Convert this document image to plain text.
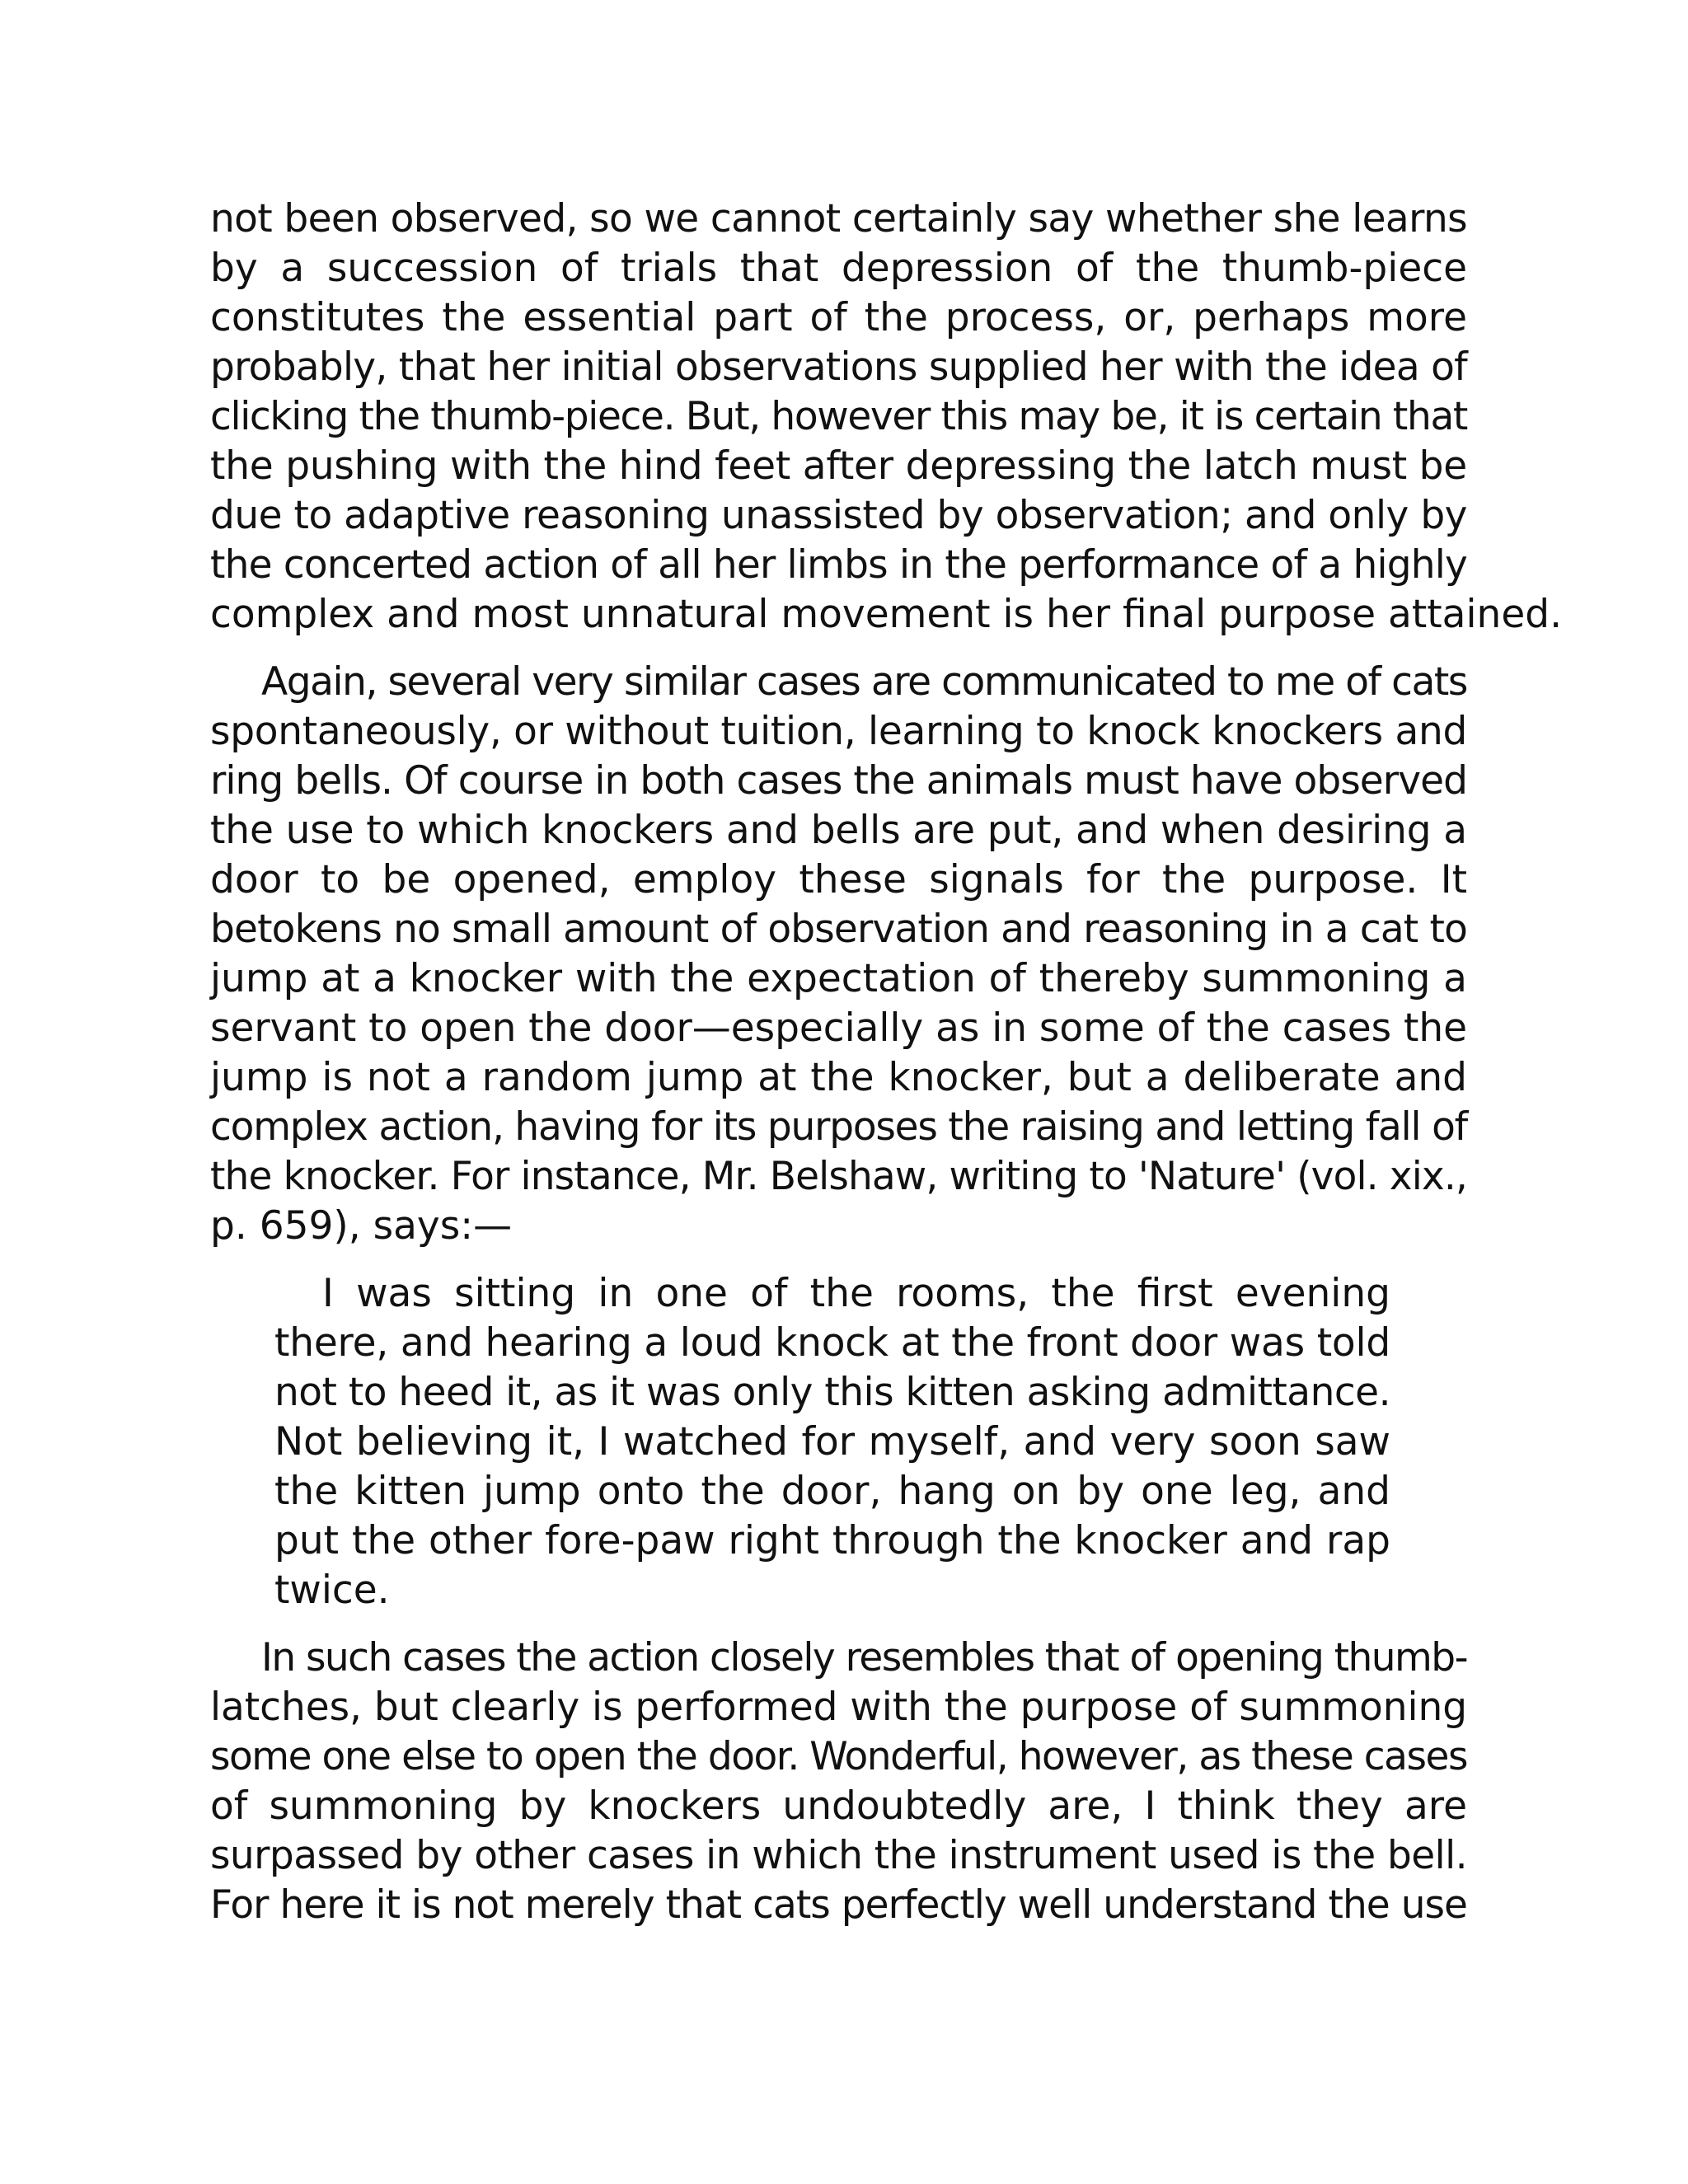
not been observed, so we cannot certainly say whether she learns
by a succession of trials that depression of the thumb-piece
constitutes the essential part of the process, or, perhaps more
probably, that her initial observations supplied her with the idea of
clicking the thumb-piece. But, however this may be, it is certain that
the pushing with the hind feet after depressing the latch must be
due to adaptive reasoning unassisted by observation; and only by
the concerted action of all her limbs in the performance of a highly
complex and most unnatural movement is her final purpose attained.
Again, several very similar cases are communicated to me of cats
spontaneously, or without tuition, learning to knock knockers and
ring bells. Of course in both cases the animals must have observed
the use to which knockers and bells are put, and when desiring a
door to be opened, employ these signals for the purpose. It
betokens no small amount of observation and reasoning in a cat to
jump at a knocker with the expectation of thereby summoning a
servant to open the door—especially as in some of the cases the
jump is not a random jump at the knocker, but a deliberate and
complex action, having for its purposes the raising and letting fall of
the knocker. For instance, Mr. Belshaw, writing to 'Nature' (vol. xix.,
p. 659), says:—
I was sitting in one of the rooms, the first evening
there, and hearing a loud knock at the front door was told
not to heed it, as it was only this kitten asking admittance.
Not believing it, I watched for myself, and very soon saw
the kitten jump onto the door, hang on by one leg, and
put the other fore-paw right through the knocker and rap
twice.
In such cases the action closely resembles that of opening thumb-
latches, but clearly is performed with the purpose of summoning
some one else to open the door. Wonderful, however, as these cases
of summoning by knockers undoubtedly are, I think they are
surpassed by other cases in which the instrument used is the bell.
For here it is not merely that cats perfectly well understand the use
